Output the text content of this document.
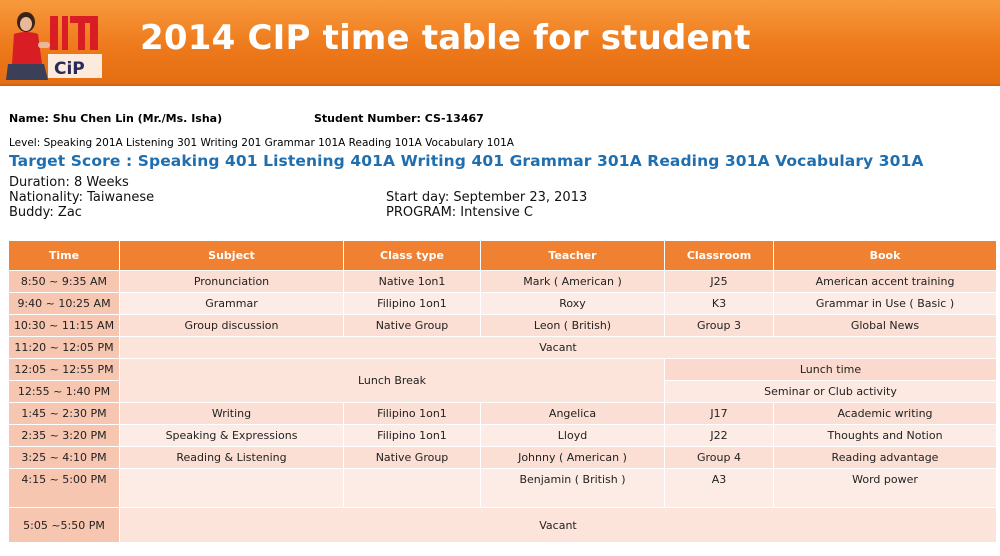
CiP
2014 CIP time table for student
Name: Shu Chen Lin (Mr./Ms. Isha)	Student Number: CS-13467
Level: Speaking 201A Listening 301 Writing 201 Grammar 101A Reading 101A Vocabulary 101A
Target Score : Speaking 401 Listening 401A Writing 401 Grammar 301A Reading 301A Vocabulary 301A
Duration: 8 Weeks
Nationality: Taiwanese
Buddy: Zac
Start day: September 23, 2013
PROGRAM: Intensive C
Time	Subject	Class type	Teacher	Classroom	Book
8:50 ~ 9:35 AM	Pronunciation	Native 1on1	Mark ( American )	J25	American accent training
9:40 ~ 10:25 AM	Grammar	Filipino 1on1	Roxy	K3	Grammar in Use ( Basic )
10:30 ~ 11:15 AM	Group discussion	Native Group	Leon ( British)	Group 3	Global News
11:20 ~ 12:05 PM	Vacant				
12:05 ~ 12:55 PM	Lunch Break			Lunch time	
12:55 ~ 1:40 PM				Seminar or Club activity	
1:45 ~ 2:30 PM	Writing	Filipino 1on1	Angelica	J17	Academic writing
2:35 ~ 3:20 PM	Speaking & Expressions	Filipino 1on1	Lloyd	J22	Thoughts and Notion
3:25 ~ 4:10 PM	Reading & Listening	Native Group	Johnny ( American )	Group 4	Reading advantage
4:15 ~ 5:00 PM			Benjamin ( British )	A3	Word power
5:05 ~5:50 PM	Vacant				
